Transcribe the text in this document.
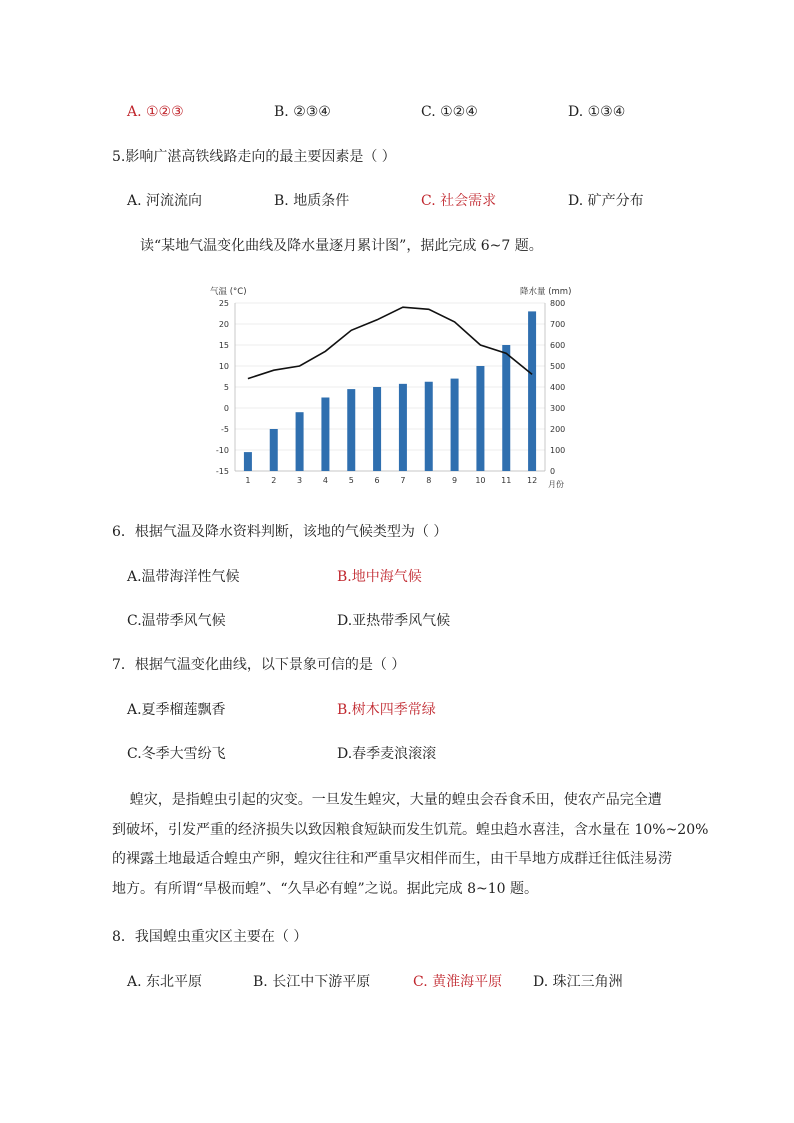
A. ①②③	B. ②③④	C. ①②④	D. ①③④
5.影响广湛高铁线路走向的最主要因素是（ ）
A. 河流流向	B. 地质条件	C. 社会需求	D. 矿产分布
读“某地气温变化曲线及降水量逐月累计图”，据此完成 6~7 题。
25
20
15
10
5
0
-5
-10
-15
800
700
600
500
400
300
200
100
0
1	2	3	4	5	6	7	8	9 10 11 12
气温 (°C)	降水量 (mm)
月份
6．根据气温及降水资料判断，该地的气候类型为（ ）
A.温带海洋性气候	B.地中海气候
C.温带季风气候	D.亚热带季风气候
7．根据气温变化曲线，以下景象可信的是（ ）
A.夏季榴莲飘香	B.树木四季常绿
C.冬季大雪纷飞	D.春季麦浪滚滚

蝗灾，是指蝗虫引起的灾变。一旦发生蝗灾，大量的蝗虫会吞食禾田，使农产品完全遭

到破坏，引发严重的经济损失以致因粮食短缺而发生饥荒。蝗虫趋水喜洼，含水量在 10%~20%

的裸露土地最适合蝗虫产卵，蝗灾往往和严重旱灾相伴而生，由干旱地方成群迁往低洼易涝

地方。有所谓“旱极而蝗”、“久旱必有蝗”之说。据此完成 8~10 题。

8．我国蝗虫重灾区主要在（ ）
A. 东北平原	B. 长江中下游平原	C. 黄淮海平原 D. 珠江三角洲
